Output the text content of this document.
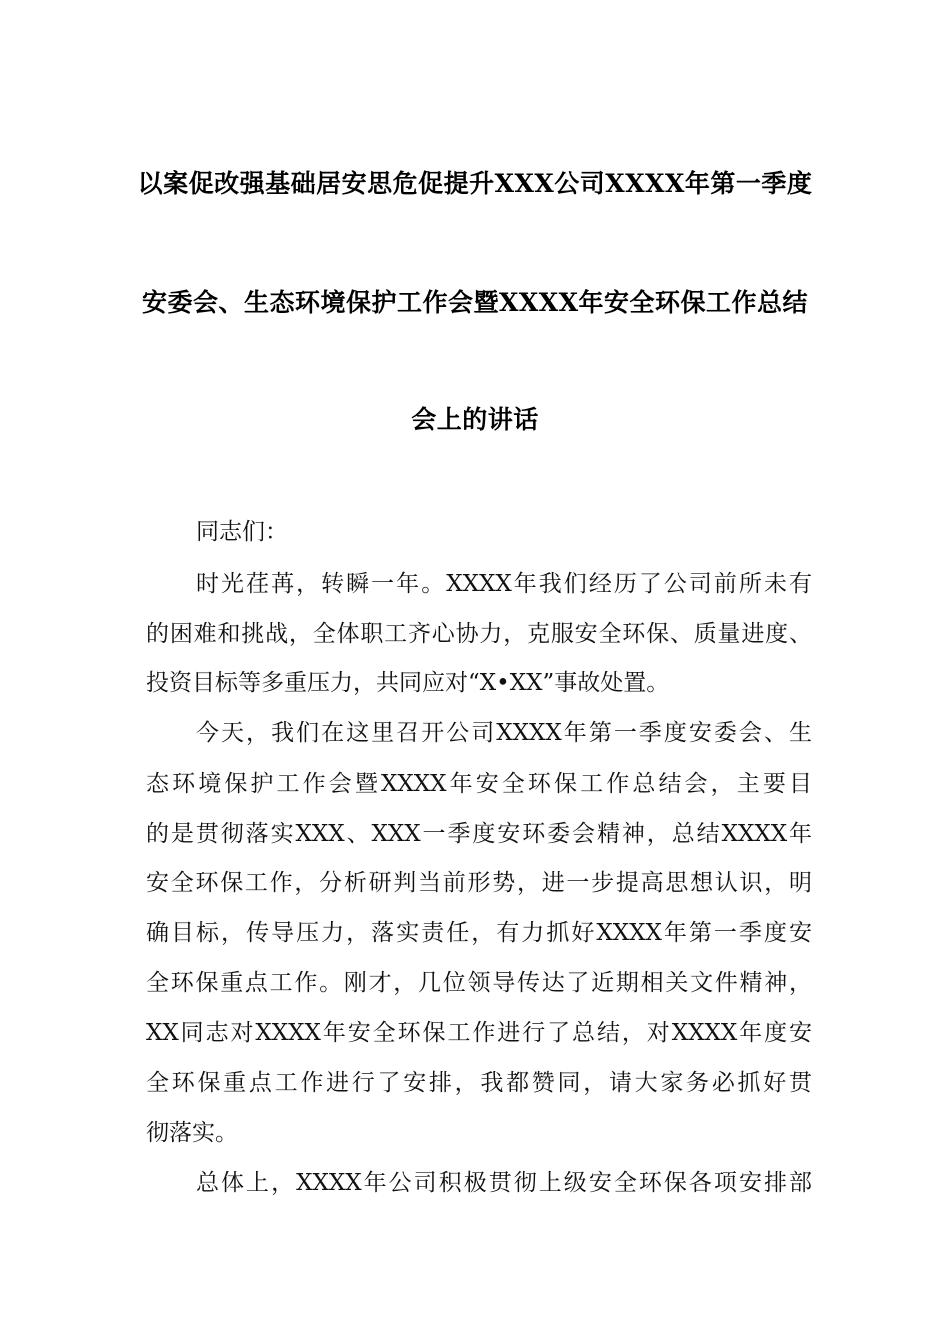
以案促改强基础居安思危促提升XXX公司XXXX年第一季度
安委会、生态环境保护工作会暨XXXX年安全环保工作总结
会上的讲话
同志们：
时光荏苒，转瞬一年。XXXX年我们经历了公司前所未有
的困难和挑战，全体职工齐心协力，克服安全环保、质量进度、
投资目标等多重压力，共同应对“X•XX”事故处置。
今天，我们在这里召开公司XXXX年第一季度安委会、生
态环境保护工作会暨XXXX年安全环保工作总结会，主要目
的是贯彻落实XXX、XXX一季度安环委会精神，总结XXXX年
安全环保工作，分析研判当前形势，进一步提高思想认识，明
确目标，传导压力，落实责任，有力抓好XXXX年第一季度安
全环保重点工作。刚才，几位领导传达了近期相关文件精神，
XX同志对XXXX年安全环保工作进行了总结，对XXXX年度安
全环保重点工作进行了安排，我都赞同，请大家务必抓好贯
彻落实。
总体上，XXXX年公司积极贯彻上级安全环保各项安排部
